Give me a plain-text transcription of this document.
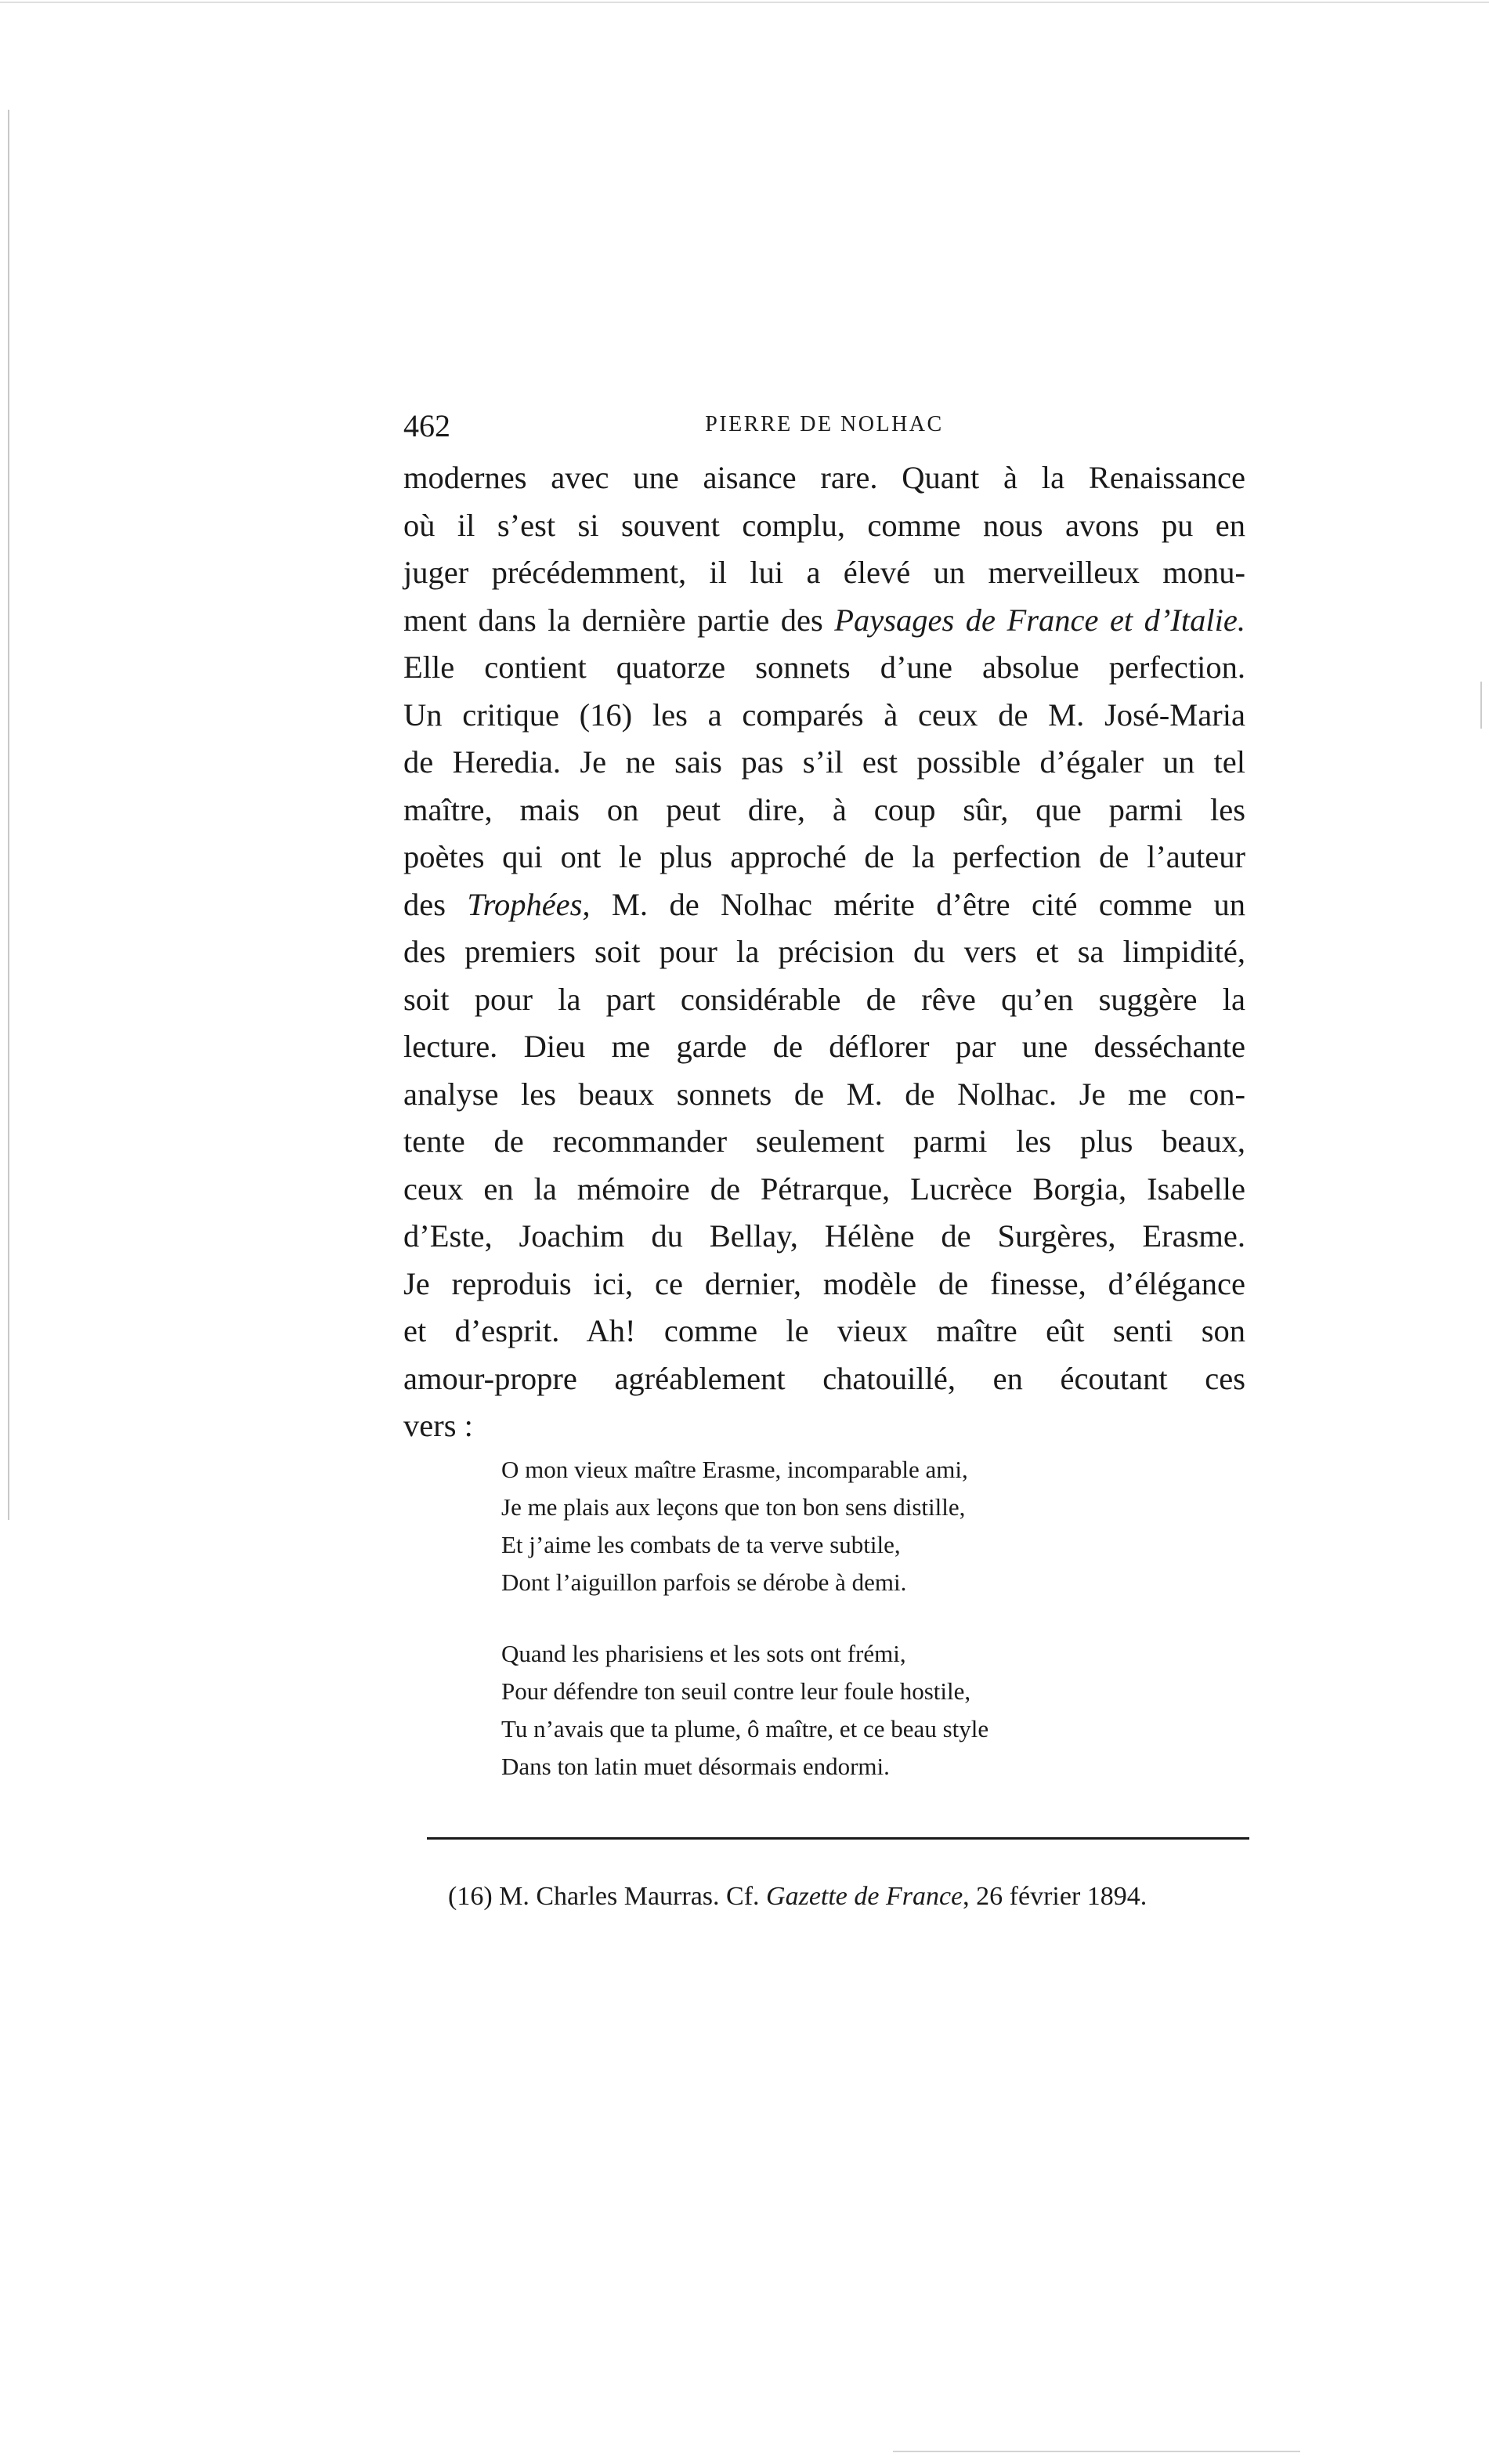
462	PIERRE DE NOLHAC
modernes avec une aisance rare. Quant à la Renaissance
où il s’est si souvent complu, comme nous avons pu en
juger précédemment, il lui a élevé un merveilleux monu-
ment dans la dernière partie des Paysages de France et d’Italie.
Elle contient quatorze sonnets d’une absolue perfection.
Un critique (16) les a comparés à ceux de M. José-Maria
de Heredia. Je ne sais pas s’il est possible d’égaler un tel
maître, mais on peut dire, à coup sûr, que parmi les
poètes qui ont le plus approché de la perfection de l’auteur
des Trophées, M. de Nolhac mérite d’être cité comme un
des premiers soit pour la précision du vers et sa limpidité,
soit pour la part considérable de rêve qu’en suggère la
lecture. Dieu me garde de déflorer par une desséchante
analyse les beaux sonnets de M. de Nolhac. Je me con-
tente de recommander seulement parmi les plus beaux,
ceux en la mémoire de Pétrarque, Lucrèce Borgia, Isabelle
d’Este, Joachim du Bellay, Hélène de Surgères, Erasme.
Je reproduis ici, ce dernier, modèle de finesse, d’élégance
et d’esprit. Ah! comme le vieux maître eût senti son
amour-propre agréablement chatouillé, en écoutant ces
vers :
O mon vieux maître Erasme, incomparable ami,
Je me plais aux leçons que ton bon sens distille,
Et j’aime les combats de ta verve subtile,
Dont l’aiguillon parfois se dérobe à demi.
Quand les pharisiens et les sots ont frémi,
Pour défendre ton seuil contre leur foule hostile,
Tu n’avais que ta plume, ô maître, et ce beau style
Dans ton latin muet désormais endormi.
(16) M. Charles Maurras. Cf. Gazette de France, 26 février 1894.
